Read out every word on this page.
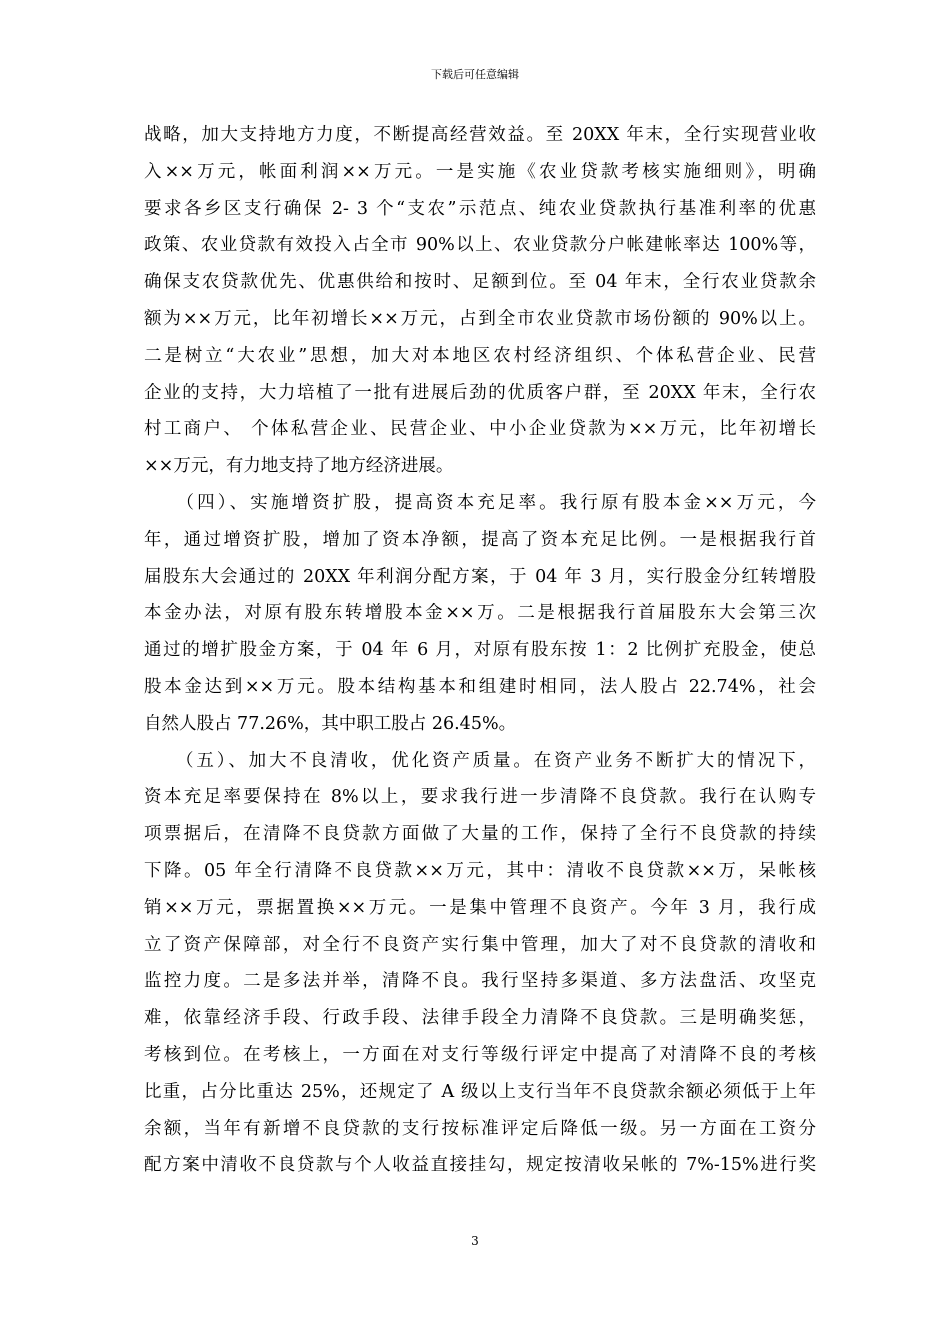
下载后可任意编辑
战略，加大支持地方力度，不断提高经营效益。至 20XX 年末，全行实现营业收
入××万元，帐面利润××万元。一是实施《农业贷款考核实施细则》，明确
要求各乡区支行确保 2- 3 个“支农”示范点、纯农业贷款执行基准利率的优惠
政策、农业贷款有效投入占全市 90%以上、农业贷款分户帐建帐率达 100%等，
确保支农贷款优先、优惠供给和按时、足额到位。至 04 年末，全行农业贷款余
额为××万元，比年初增长××万元，占到全市农业贷款市场份额的 90%以上。
二是树立“大农业”思想，加大对本地区农村经济组织、个体私营企业、民营
企业的支持，大力培植了一批有进展后劲的优质客户群，至 20XX 年末，全行农
村工商户、 个体私营企业、民营企业、中小企业贷款为××万元，比年初增长
××万元，有力地支持了地方经济进展。
　　（四）、实施增资扩股，提高资本充足率。我行原有股本金××万元，今
年，通过增资扩股，增加了资本净额，提高了资本充足比例。一是根据我行首
届股东大会通过的 20XX 年利润分配方案，于 04 年 3 月，实行股金分红转增股
本金办法，对原有股东转增股本金××万。二是根据我行首届股东大会第三次
通过的增扩股金方案，于 04 年 6 月，对原有股东按 1：2 比例扩充股金，使总
股本金达到××万元。股本结构基本和组建时相同，法人股占 22.74%，社会
自然人股占 77.26%，其中职工股占 26.45%。
　　（五）、加大不良清收，优化资产质量。在资产业务不断扩大的情况下，
资本充足率要保持在 8%以上，要求我行进一步清降不良贷款。我行在认购专
项票据后，在清降不良贷款方面做了大量的工作，保持了全行不良贷款的持续
下降。05 年全行清降不良贷款××万元，其中：清收不良贷款××万，呆帐核
销××万元，票据置换××万元。一是集中管理不良资产。今年 3 月，我行成
立了资产保障部，对全行不良资产实行集中管理，加大了对不良贷款的清收和
监控力度。二是多法并举，清降不良。我行坚持多渠道、多方法盘活、攻坚克
难，依靠经济手段、行政手段、法律手段全力清降不良贷款。三是明确奖惩，
考核到位。在考核上，一方面在对支行等级行评定中提高了对清降不良的考核
比重，占分比重达 25%，还规定了 A 级以上支行当年不良贷款余额必须低于上年
余额，当年有新增不良贷款的支行按标准评定后降低一级。另一方面在工资分
配方案中清收不良贷款与个人收益直接挂勾，规定按清收呆帐的 7%-15%进行奖
3
